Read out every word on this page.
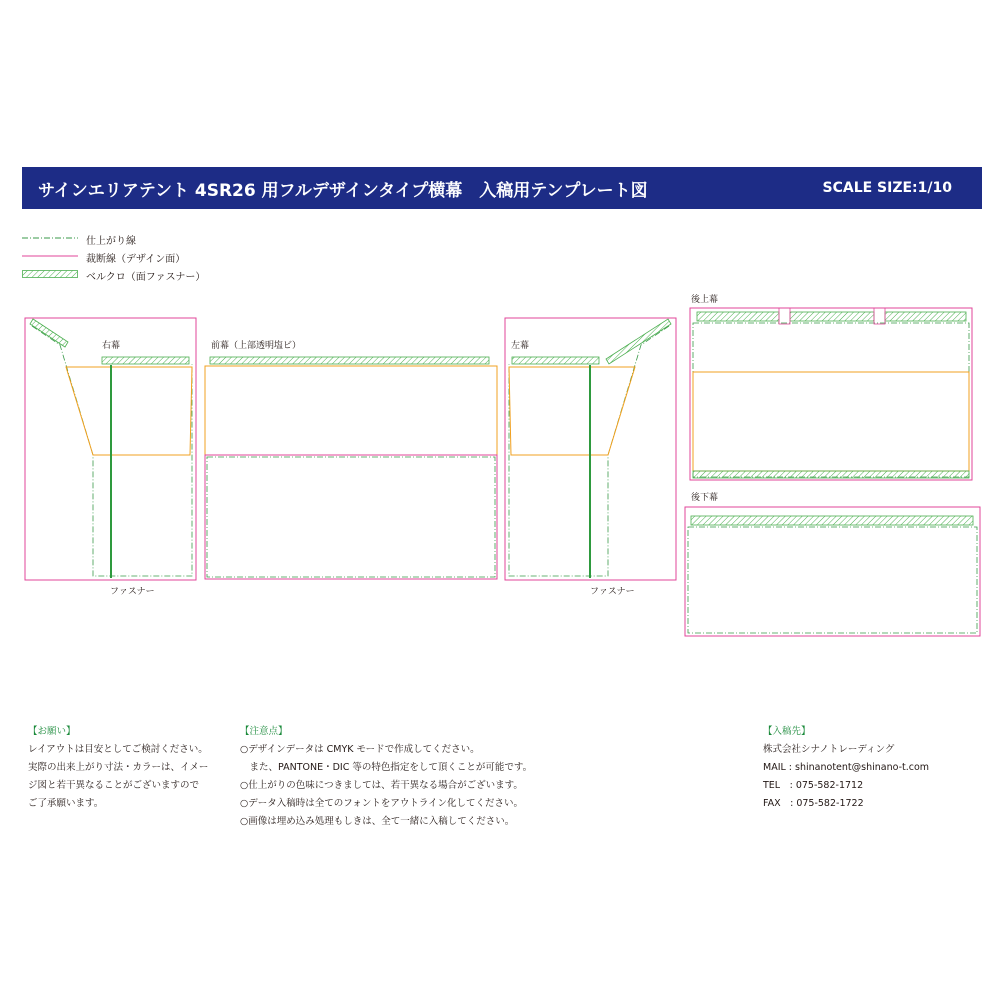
サインエリアテント 4SR26 用フルデザインタイプ横幕　入稿用テンプレート図	SCALE SIZE:1/10
仕上がり線
裁断線（デザイン面）
ベルクロ（面ファスナー）
右幕
ファスナー
前幕（上部透明塩ビ）	左幕
ファスナー
後上幕
後下幕
【お願い】
レイアウトは目安としてご検討ください。
実際の出来上がり寸法・カラーは、イメー
ジ図と若干異なることがございますので
ご了承願います。
【注意点】
○デザインデータは CMYK モードで作成してください。
　また、PANTONE・DIC 等の特色指定をして頂くことが可能です。
○仕上がりの色味につきましては、若干異なる場合がございます。
○データ入稿時は全てのフォントをアウトライン化してください。
○画像は埋め込み処理もしきは、全て一緒に入稿してください。
【入稿先】
株式会社シナノトレーディング
MAIL : shinanotent@shinano-t.com
TEL　: 075-582-1712
FAX　: 075-582-1722
